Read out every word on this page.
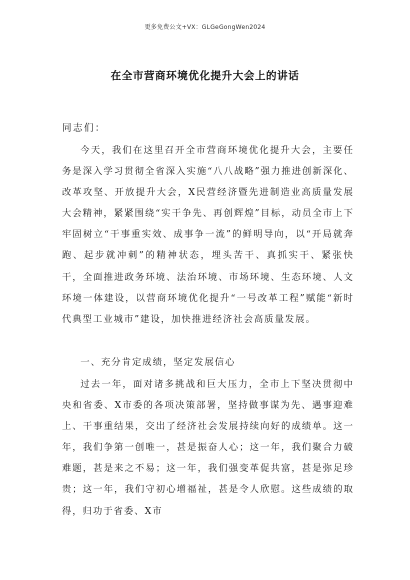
更多免费公文+VX：GLGeGongWen2024
在全市营商环境优化提升大会上的讲话
同志们：

今天，我们在这里召开全市营商环境优化提升大会，主要任务是深入学习贯彻全省深入实施“八八战略”强力推进创新深化、改革攻坚、开放提升大会，X民营经济暨先进制造业高质量发展大会精神，紧紧围绕“实干争先、再创辉煌”目标，动员全市上下牢固树立“干事重实效、成事争一流”的鲜明导向，以“开局就奔跑、起步就冲刺”的精神状态，埋头苦干、真抓实干、紧张快干，全面推进政务环境、法治环境、市场环境、生态环境、人文环境一体建设，以营商环境优化提升“一号改革工程”赋能“新时代典型工业城市”建设，加快推进经济社会高质量发展。

一、充分肯定成绩，坚定发展信心

过去一年，面对诸多挑战和巨大压力，全市上下坚决贯彻中央和省委、X市委的各项决策部署，坚持做事谋为先、遇事迎难上、干事重结果，交出了经济社会发展持续向好的成绩单。这一年，我们争第一创唯一，甚是振奋人心；这一年，我们聚合力破难题，甚是来之不易；这一年，我们强变革促共富，甚是弥足珍贵；这一年，我们守初心增福祉，甚是令人欣慰。这些成绩的取得，归功于省委、X市
